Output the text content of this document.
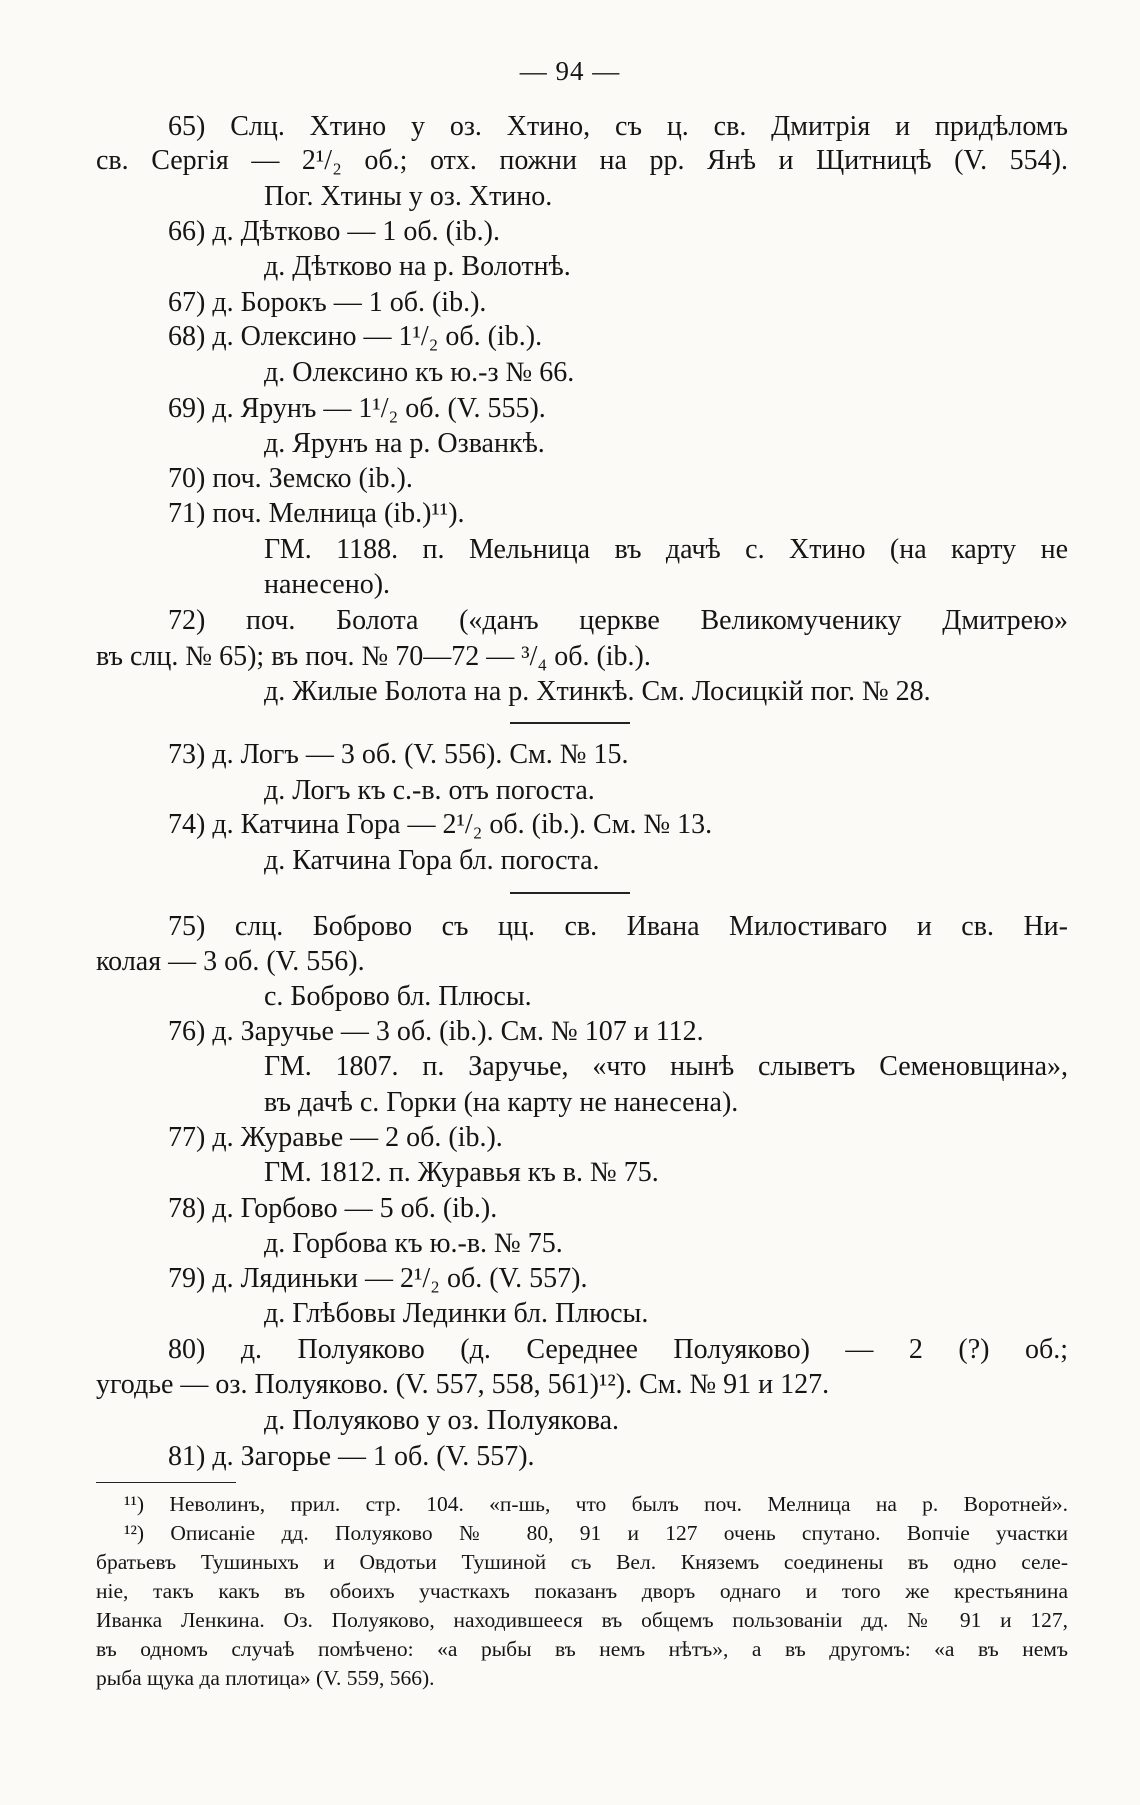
— 94 —
65) Слц. Хтино у оз. Хтино, съ ц. св. Дмитрія и придѣломъ
св. Сергія — 2¹/₂ об.; отх. пожни на рр. Янѣ и Щитницѣ (V. 554).
Пог. Хтины у оз. Хтино.
66) д. Дѣтково — 1 об. (ib.).
д. Дѣтково на р. Волотнѣ.
67) д. Борокъ — 1 об. (ib.).
68) д. Олексино — 1¹/₂ об. (ib.).
д. Олексино къ ю.-з № 66.
69) д. Ярунъ — 1¹/₂ об. (V. 555).
д. Ярунъ на р. Озванкѣ.
70) поч. Земско (ib.).
71) поч. Мелница (ib.)¹¹).
ГМ. 1188. п. Мельница въ дачѣ с. Хтино (на карту не
нанесено).
72) поч. Болота («данъ церкве Великомученику Дмитрею»
въ слц. № 65); въ поч. № 70—72 — ³/₄ об. (ib.).
д. Жилые Болота на р. Хтинкѣ. См. Лосицкій пог. № 28.
73) д. Логъ — 3 об. (V. 556). См. № 15.
д. Логъ къ с.-в. отъ погоста.
74) д. Катчина Гора — 2¹/₂ об. (ib.). См. № 13.
д. Катчина Гора бл. погоста.
75) слц. Боброво съ цц. св. Ивана Милостиваго и св. Ни-
колая — 3 об. (V. 556).
с. Боброво бл. Плюсы.
76) д. Заручье — 3 об. (ib.). См. № 107 и 112.
ГМ. 1807. п. Заручье, «что нынѣ слыветъ Семеновщина»,
въ дачѣ с. Горки (на карту не нанесена).
77) д. Журавье — 2 об. (ib.).
ГМ. 1812. п. Журавья къ в. № 75.
78) д. Горбово — 5 об. (ib.).
д. Горбова къ ю.-в. № 75.
79) д. Лядиньки — 2¹/₂ об. (V. 557).
д. Глѣбовы Лединки бл. Плюсы.
80) д. Полуяково (д. Середнее Полуяково) — 2 (?) об.;
угодье — оз. Полуяково. (V. 557, 558, 561)¹²). См. № 91 и 127.
д. Полуяково у оз. Полуякова.
81) д. Загорье — 1 об. (V. 557).
¹¹) Неволинъ, прил. стр. 104. «п-шь, что былъ поч. Мелница на р. Воротней».
¹²) Описаніе дд. Полуяково № 80, 91 и 127 очень спутано. Вопчіе участки
братьевъ Тушиныхъ и Овдотьи Тушиной съ Вел. Княземъ соединены въ одно селе-
ніе, такъ какъ въ обоихъ участкахъ показанъ дворъ однаго и того же крестьянина
Иванка Ленкина. Оз. Полуяково, находившееся въ общемъ пользованіи дд. № 91 и 127,
въ одномъ случаѣ помѣчено: «а рыбы въ немъ нѣтъ», а въ другомъ: «а въ немъ
рыба щука да плотица» (V. 559, 566).
